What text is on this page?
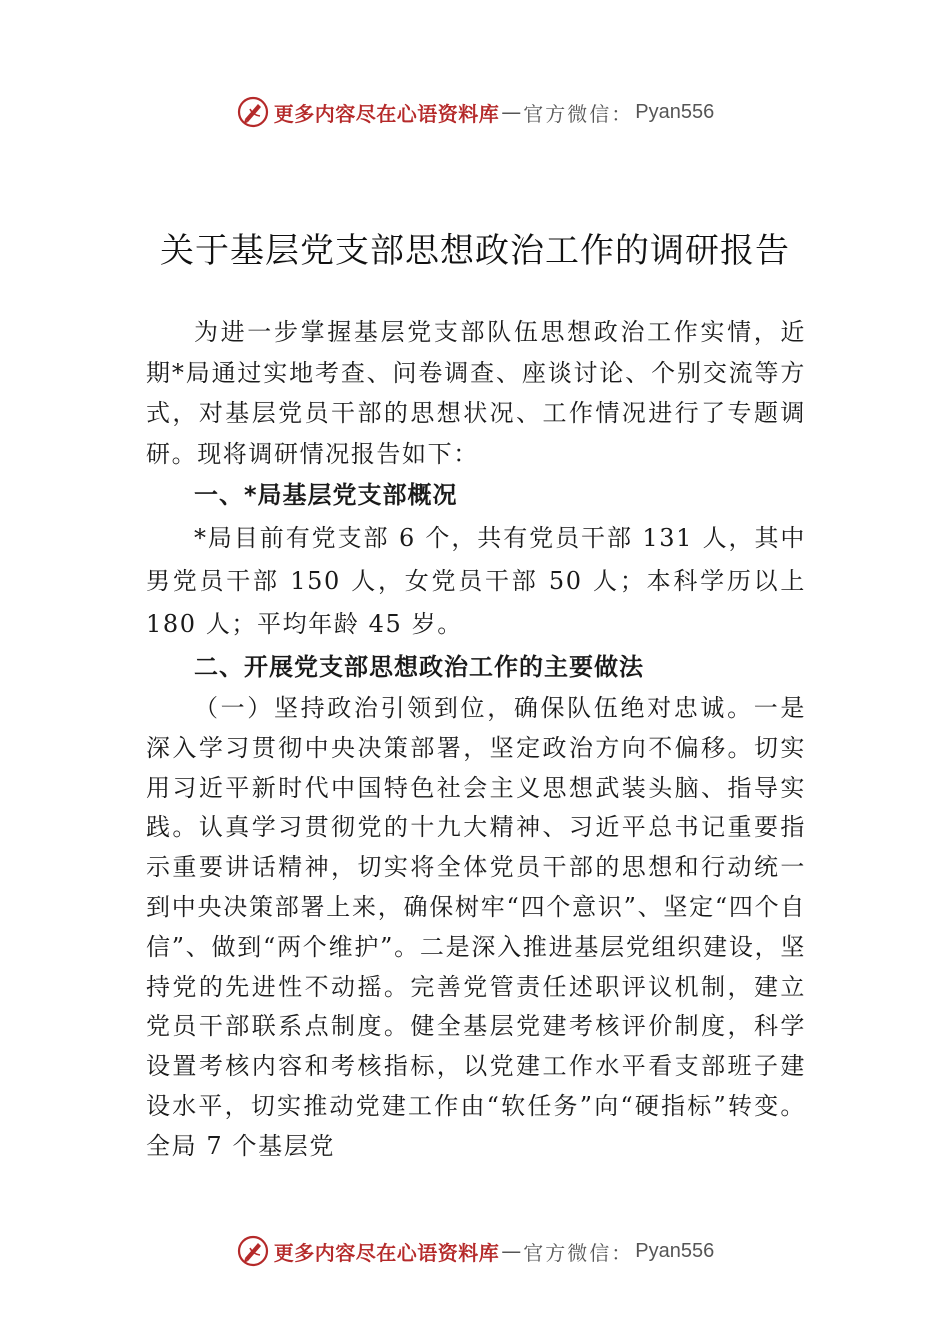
更多内容尽在心语资料库 — 官方微信： Pyan556
关于基层党支部思想政治工作的调研报告

为进一步掌握基层党支部队伍思想政治工作实情，近期*局通过实地考查、问卷调查、座谈讨论、个别交流等方式，对基层党员干部的思想状况、工作情况进行了专题调研。现将调研情况报告如下：

一、*局基层党支部概况

*局目前有党支部 6 个，共有党员干部 131 人，其中男党员干部 150 人，女党员干部 50 人；本科学历以上 180 人；平均年龄 45 岁。

二、开展党支部思想政治工作的主要做法

（一）坚持政治引领到位，确保队伍绝对忠诚。一是深入学习贯彻中央决策部署，坚定政治方向不偏移。切实用习近平新时代中国特色社会主义思想武装头脑、指导实践。认真学习贯彻党的十九大精神、习近平总书记重要指示重要讲话精神，切实将全体党员干部的思想和行动统一到中央决策部署上来，确保树牢“四个意识”、坚定“四个自信”、做到“两个维护”。二是深入推进基层党组织建设，坚持党的先进性不动摇。完善党管责任述职评议机制，建立党员干部联系点制度。健全基层党建考核评价制度，科学设置考核内容和考核指标，以党建工作水平看支部班子建设水平，切实推动党建工作由“软任务”向“硬指标”转变。全局 7 个基层党

更多内容尽在心语资料库 — 官方微信： Pyan556
